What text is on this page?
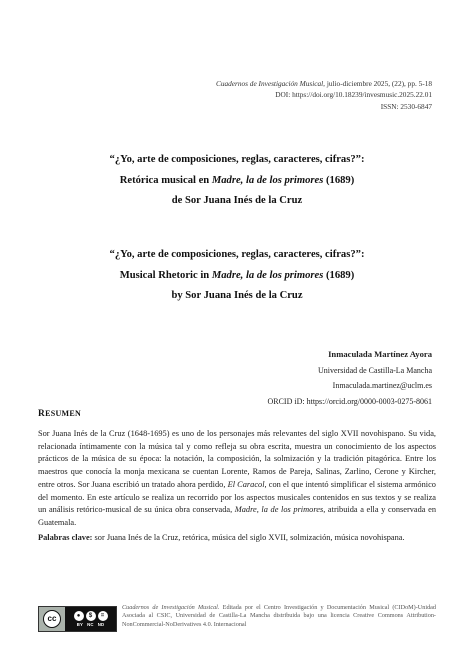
Cuadernos de Investigación Musical, julio-diciembre 2025, (22), pp. 5-18
DOI: https://doi.org/10.18239/invesmusic.2025.22.01
ISSN: 2530-6847
“¿Yo, arte de composiciones, reglas, caracteres, cifras?”:
Retórica musical en Madre, la de los primores (1689)
de Sor Juana Inés de la Cruz
“¿Yo, arte de composiciones, reglas, caracteres, cifras?”:
Musical Rhetoric in Madre, la de los primores (1689)
by Sor Juana Inés de la Cruz
Inmaculada Martínez Ayora
Universidad de Castilla-La Mancha
Inmaculada.martinez@uclm.es
ORCID iD: https://orcid.org/0000-0003-0275-8061
RESUMEN

Sor Juana Inés de la Cruz (1648-1695) es uno de los personajes más relevantes del siglo XVII novohispano. Su vida, relacionada íntimamente con la música tal y como refleja su obra escrita, muestra un conocimiento de los aspectos prácticos de la música de su época: la notación, la composición, la solmización y la tradición pitagórica. Entre los maestros que conocía la monja mexicana se cuentan Lorente, Ramos de Pareja, Salinas, Zarlino, Cerone y Kircher, entre otros. Sor Juana escribió un tratado ahora perdido, El Caracol, con el que intentó simplificar el sistema armónico del momento. En este artículo se realiza un recorrido por los aspectos musicales contenidos en sus textos y se realiza un análisis retórico-musical de su única obra conservada, Madre, la de los primores, atribuida a ella y conservada en Guatemala.

Palabras clave: sor Juana Inés de la Cruz, retórica, música del siglo XVII, solmización, música novohispana.

cc	●	$	=
BY NC ND
Cuadernos de Investigación Musical. Editada por el Centro Investigación y Documentación Musical (CIDoM)-Unidad Asociada al CSIC, Universidad de Castilla-La Mancha distribuida bajo una licencia Creative Commons Attribution-NonCommercial-NoDerivatives 4.0. Internacional
